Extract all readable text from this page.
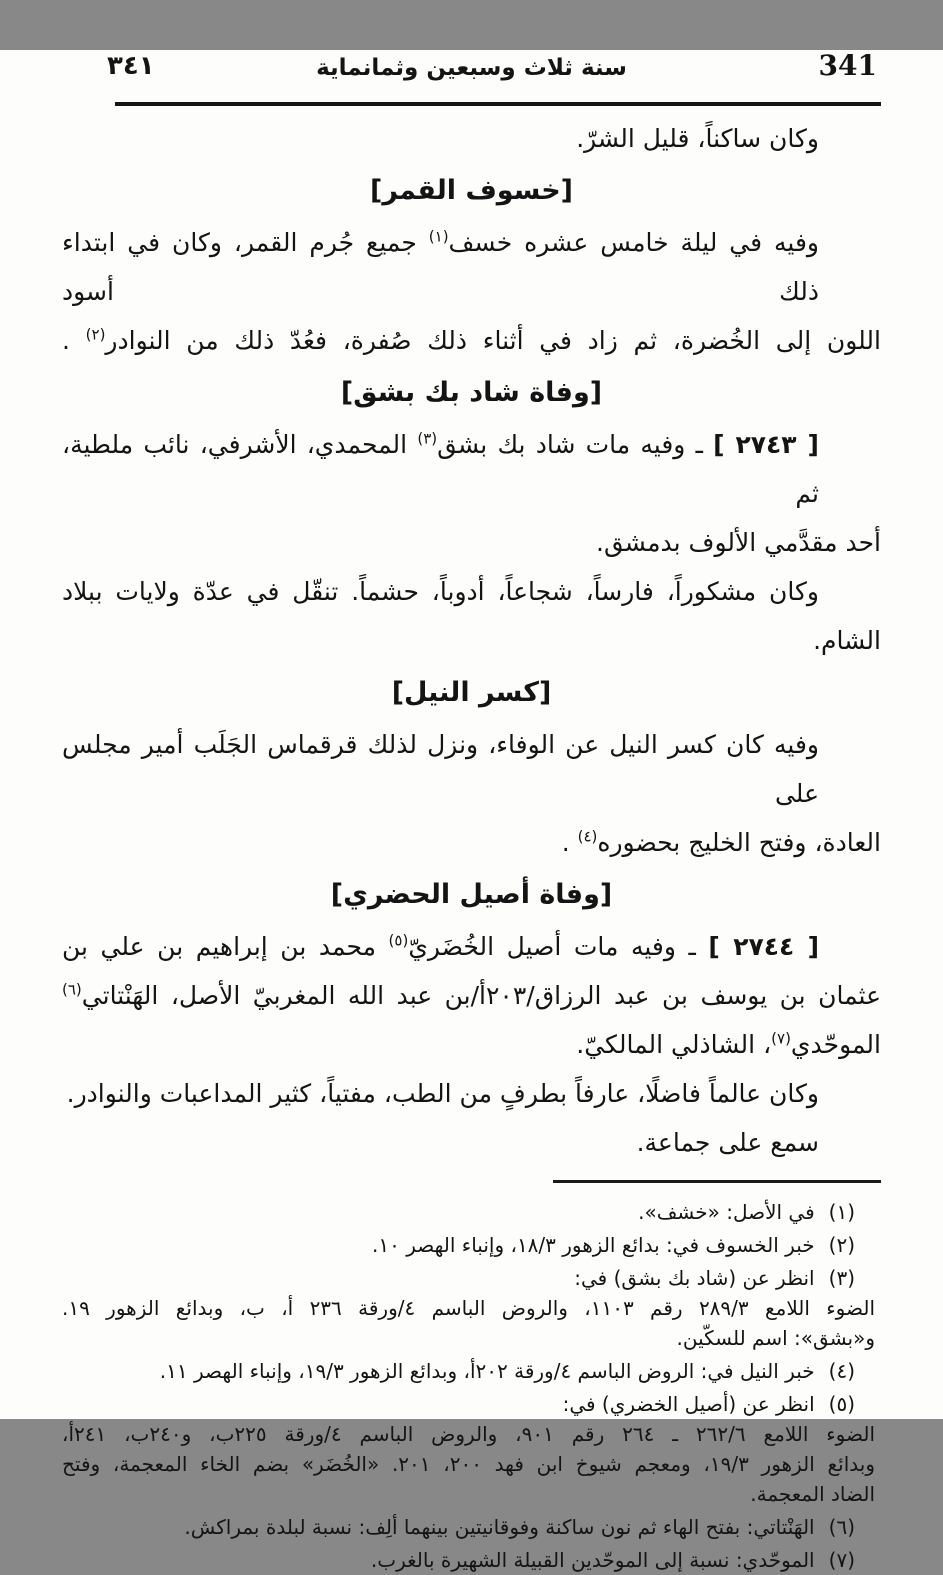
٣٤١	سنة ثلاث وسبعين وثمانماية	341
وكان ساكناً، قليل الشرّ.
[خسوف القمر]
وفيه في ليلة خامس عشره خسف$^{(١)}$ جميع جُرم القمر، وكان في ابتداء ذلك أسود
اللون إلى الخُضرة، ثم زاد في أثناء ذلك صُفرة، فعُدّ ذلك من النوادر$^{(٢)}$ .
[وفاة شاد بك بشق]
[ ٢٧٤٣ ] ـ وفيه مات شاد بك بشق$^{(٣)}$ المحمدي، الأشرفي، نائب ملطية، ثم
أحد مقدَّمي الألوف بدمشق.
وكان مشكوراً، فارساً، شجاعاً، أدوباً، حشماً. تنقّل في عدّة ولايات ببلاد
الشام.
[كسر النيل]
وفيه كان كسر النيل عن الوفاء، ونزل لذلك قرقماس الجَلَب أمير مجلس على
العادة، وفتح الخليج بحضوره$^{(٤)}$ .
[وفاة أصيل الحضري]
[ ٢٧٤٤ ] ـ وفيه مات أصيل الخُضَريّ$^{(٥)}$ محمد بن إبراهيم بن علي بن
عثمان بن يوسف بن عبد الرزاق/٢٠٣أ/بن عبد الله المغربيّ الأصل، الهَنْتاتي$^{(٦)}$
الموحّدي$^{(٧)}$، الشاذلي المالكيّ.
وكان عالماً فاضلًا، عارفاً بطرفٍ من الطب، مفتياً، كثير المداعبات والنوادر.
سمع على جماعة.
(١)في الأصل: «خشف».
(٢)خبر الخسوف في: بدائع الزهور ١٨/٣، وإنباء الهصر ١٠.
(٣)انظر عن (شاد بك بشق) في:
الضوء اللامع ٢٨٩/٣ رقم ١١٠٣، والروض الباسم ٤/ورقة ٢٣٦ أ، ب، وبدائع الزهور ١٩.
و«بشق»: اسم للسكّين.
(٤)خبر النيل في: الروض الباسم ٤/ورقة ٢٠٢أ، وبدائع الزهور ١٩/٣، وإنباء الهصر ١١.
(٥)انظر عن (أصيل الخضري) في:
الضوء اللامع ٢٦٢/٦ ـ ٢٦٤ رقم ٩٠١، والروض الباسم ٤/ورقة ٢٢٥ب، و٢٤٠ب، ٢٤١أ،
وبدائع الزهور ١٩/٣، ومعجم شيوخ ابن فهد ٢٠٠، ٢٠١. «الخُضَر» بضم الخاء المعجمة، وفتح
الضاد المعجمة.
(٦)الهَنْتاتي: بفتح الهاء ثم نون ساكنة وفوقانيتين بينهما ألِف: نسبة لبلدة بمراكش.
(٧)الموحّدي: نسبة إلى الموحّدين القبيلة الشهيرة بالغرب.
